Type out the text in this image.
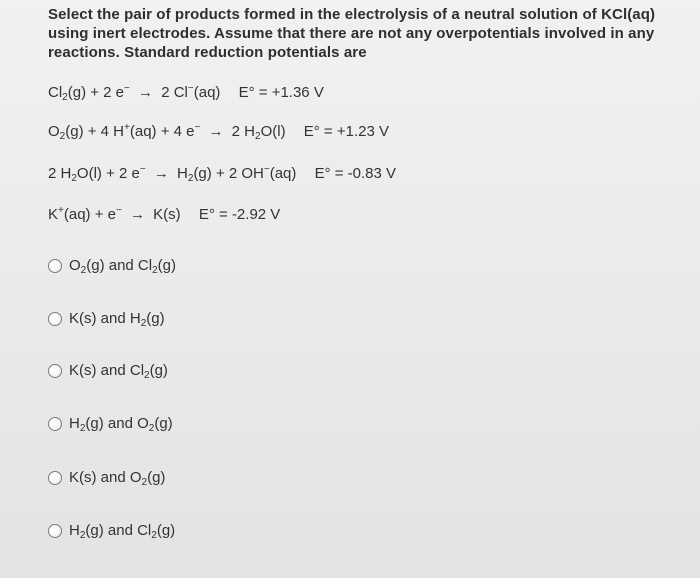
Select the pair of products formed in the electrolysis of a neutral solution of KCl(aq) using inert electrodes. Assume that there are not any overpotentials involved in any reactions. Standard reduction potentials are

$Cl_2(g) + 2$ e− → 2 Cl−(aq) E° = +1.36 V
$O_2(g) + 4$ H+(aq) + 4 e− → 2 $H_2O(l) E^\circ = +1.23$ V
2 $H_2O(l) + 2$ $e^- \to H_2(g) + 2$ OH−(aq) E° = -0.83 V
K+(aq) + e− → K(s) E° = -2.92 V
$O_2(g)$ and $Cl_2(g)$
K(s) and $H_2(g)$
K(s) and $Cl_2(g)$
$H_2(g)$ and $O_2(g)$
K(s) and $O_2(g)$
$H_2(g)$ and $Cl_2(g)$
